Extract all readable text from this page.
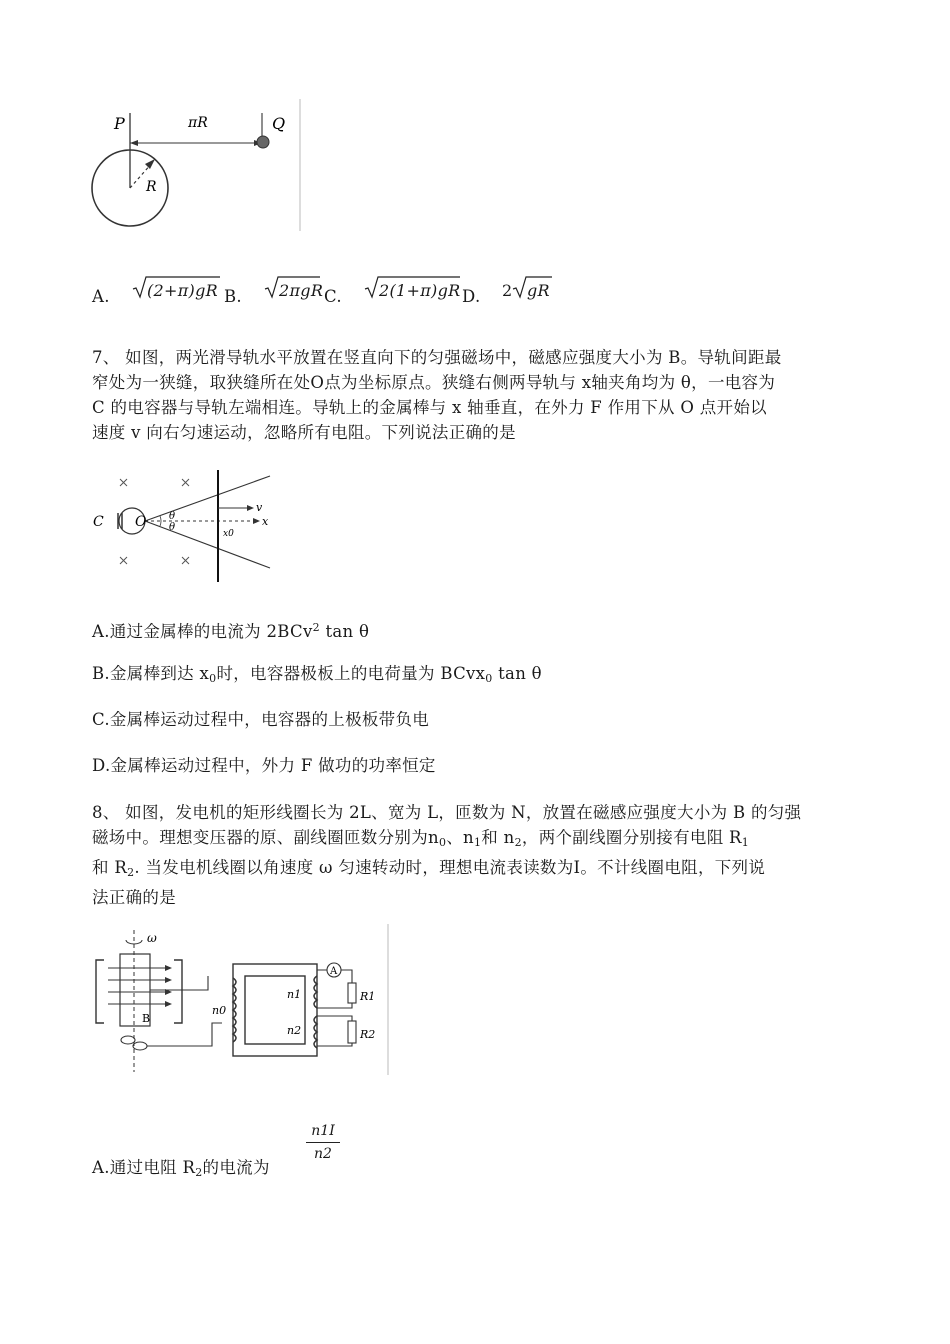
P	Q
πR
R
A. (2+π)gR B. 2πgR C. 2(1+π)gR D. 2 gR
7、 如图，两光滑导轨水平放置在竖直向下的匀强磁场中，磁感应强度大小为 B。导轨间距最
窄处为一狭缝，取狭缝所在处O点为坐标原点。狭缝右侧两导轨与 x轴夹角均为 θ，一电容为
C 的电容器与导轨左端相连。导轨上的金属棒与 x 轴垂直，在外力 F 作用下从 O 点开始以
速度 v 向右匀速运动，忽略所有电阻。下列说法正确的是
C O θ
θ
v
x
x0
A.通过金属棒的电流为 2BCv$^2$ tan θ
B.金属棒到达 $x_0$时，电容器极板上的电荷量为 BCvx$_0$ tan θ
C.金属棒运动过程中，电容器的上极板带负电
D.金属棒运动过程中，外力 F 做功的功率恒定
8、 如图，发电机的矩形线圈长为 2L、宽为 L，匝数为 N，放置在磁感应强度大小为 B 的匀强
磁场中。理想变压器的原、副线圈匝数分别为$n_0$、$n_1$和 $n_2$，两个副线圈分别接有电阻 $R_1$
和 $R_2$. 当发电机线圈以角速度 ω 匀速转动时，理想电流表读数为I。不计线圈电阻，下列说
法正确的是
ω
B
A
n0
n1
n2
R1
R2
A.通过电阻 $R_2$的电流为
n1I
n2
